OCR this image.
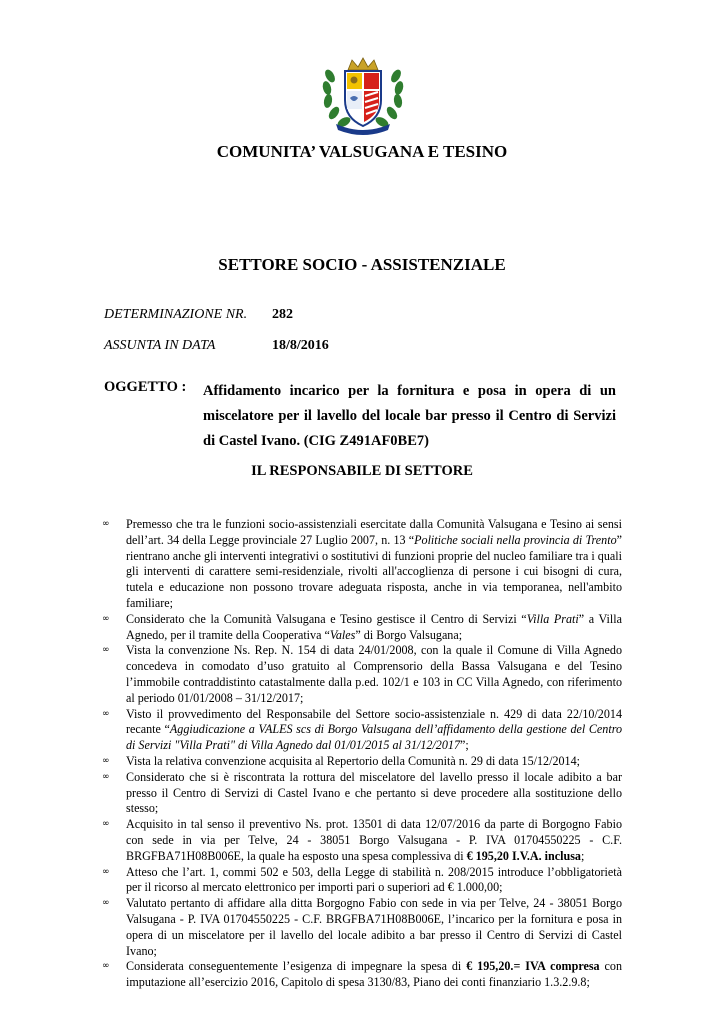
COMUNITA’ VALSUGANA E TESINO
SETTORE SOCIO - ASSISTENZIALE
DETERMINAZIONE NR. 282
ASSUNTA IN DATA	18/8/2016
OGGETTO : Affidamento incarico per la fornitura e posa in opera di un miscelatore per il lavello del locale bar presso il Centro di Servizi di Castel Ivano. (CIG Z491AF0BE7)
IL RESPONSABILE DI SETTORE
∞ Premesso che tra le funzioni socio-assistenziali esercitate dalla Comunità Valsugana e Tesino ai sensi dell’art. 34 della Legge provinciale 27 Luglio 2007, n. 13 “Politiche sociali nella provincia di Trento” rientrano anche gli interventi integrativi o sostitutivi di funzioni proprie del nucleo familiare tra i quali gli interventi di carattere semi-residenziale, rivolti all'accoglienza di persone i cui bisogni di cura, tutela e educazione non possono trovare adeguata risposta, anche in via temporanea, nell'ambito familiare;
∞ Considerato che la Comunità Valsugana e Tesino gestisce il Centro di Servizi “Villa Prati” a Villa Agnedo, per il tramite della Cooperativa “Vales” di Borgo Valsugana;
∞ Vista la convenzione Ns. Rep. N. 154 di data 24/01/2008, con la quale il Comune di Villa Agnedo concedeva in comodato d’uso gratuito al Comprensorio della Bassa Valsugana e del Tesino l’immobile contraddistinto catastalmente dalla p.ed. 102/1 e 103 in CC Villa Agnedo, con riferimento al periodo 01/01/2008 – 31/12/2017;
∞ Visto il provvedimento del Responsabile del Settore socio-assistenziale n. 429 di data 22/10/2014 recante “Aggiudicazione a VALES scs di Borgo Valsugana dell’affidamento della gestione del Centro di Servizi "Villa Prati" di Villa Agnedo dal 01/01/2015 al 31/12/2017”;
∞ Vista la relativa convenzione acquisita al Repertorio della Comunità n. 29 di data 15/12/2014;
∞ Considerato che si è riscontrata la rottura del miscelatore del lavello presso il locale adibito a bar presso il Centro di Servizi di Castel Ivano e che pertanto si deve procedere alla sostituzione dello stesso;
∞ Acquisito in tal senso il preventivo Ns. prot. 13501 di data 12/07/2016 da parte di Borgogno Fabio con sede in via per Telve, 24 - 38051 Borgo Valsugana - P. IVA 01704550225 - C.F. BRGFBA71H08B006E, la quale ha esposto una spesa complessiva di € 195,20 I.V.A. inclusa;
∞ Atteso che l’art. 1, commi 502 e 503, della Legge di stabilità n. 208/2015 introduce l’obbligatorietà per il ricorso al mercato elettronico per importi pari o superiori ad € 1.000,00;
∞ Valutato pertanto di affidare alla ditta Borgogno Fabio con sede in via per Telve, 24 - 38051 Borgo Valsugana - P. IVA 01704550225 - C.F. BRGFBA71H08B006E, l’incarico per la fornitura e posa in opera di un miscelatore per il lavello del locale adibito a bar presso il Centro di Servizi di Castel Ivano;
∞ Considerata conseguentemente l’esigenza di impegnare la spesa di € 195,20.= IVA compresa con imputazione all’esercizio 2016, Capitolo di spesa 3130/83, Piano dei conti finanziario 1.3.2.9.8;
